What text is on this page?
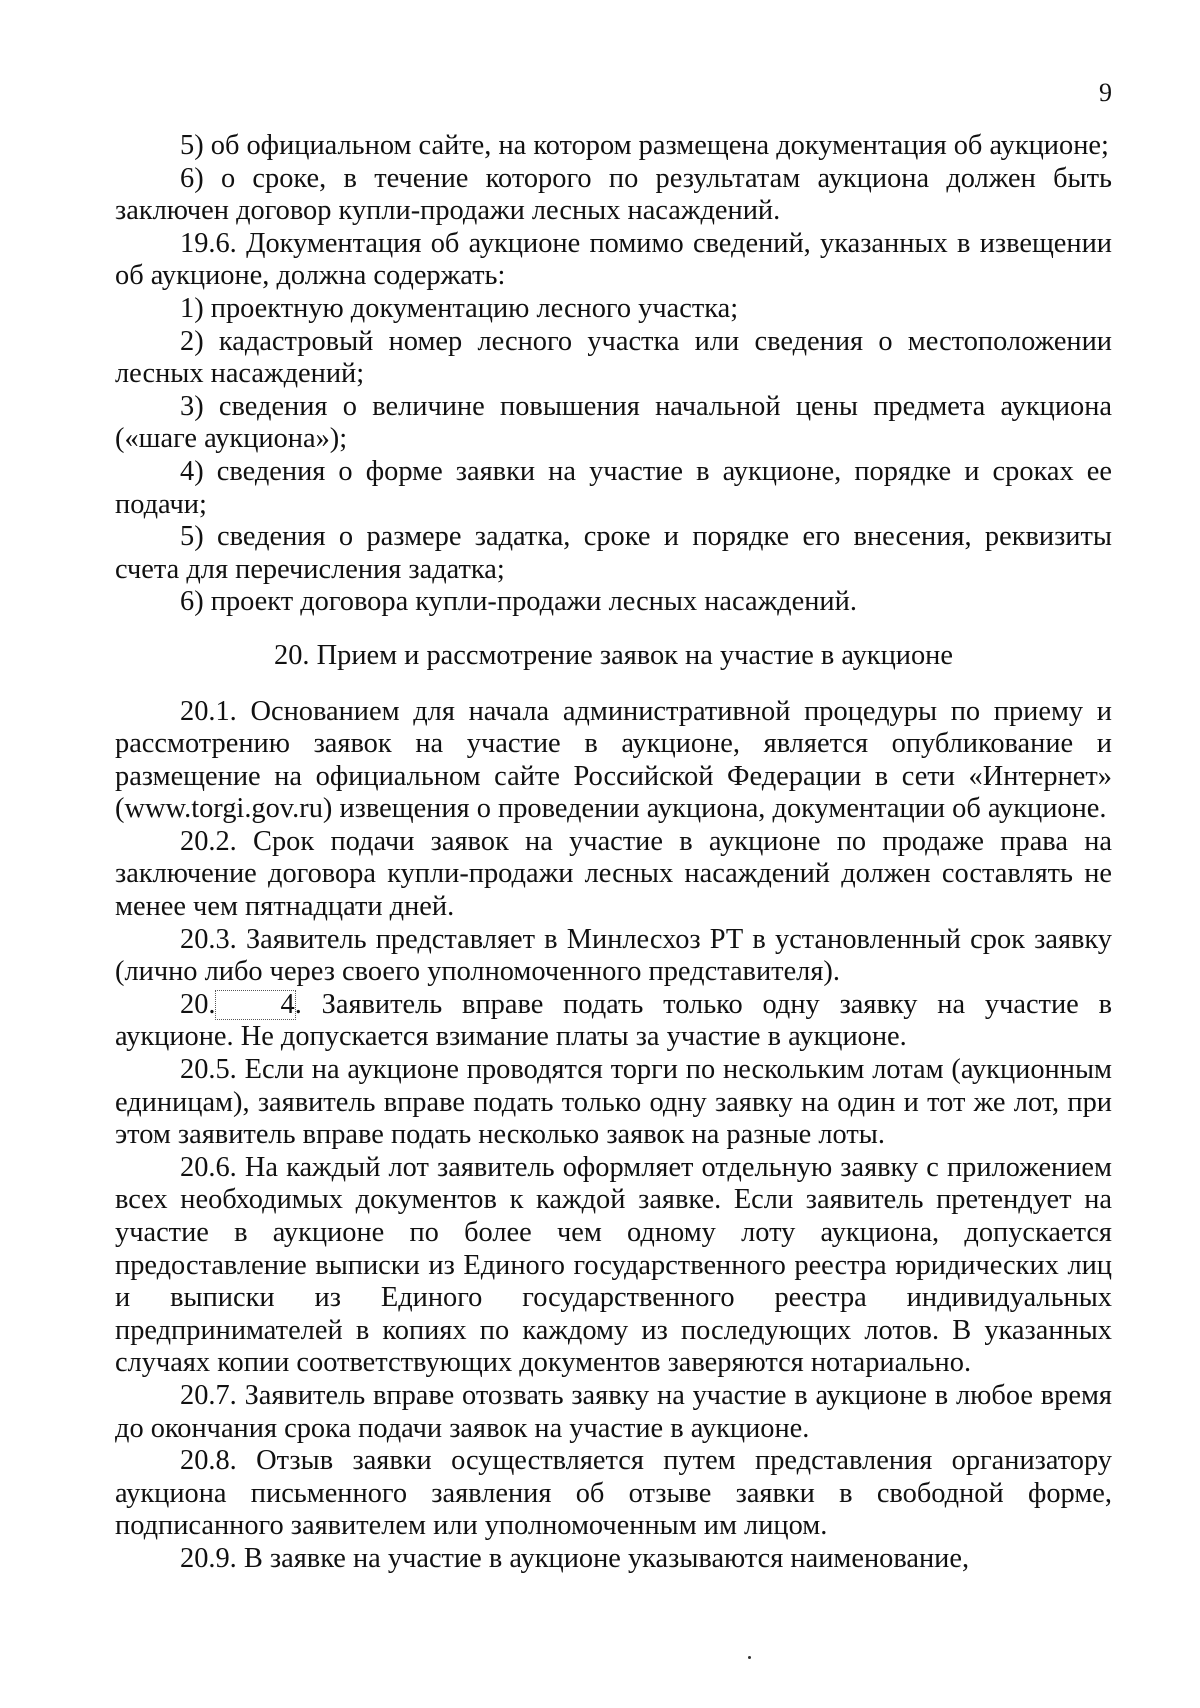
9

5) об официальном сайте, на котором размещена документация об аукционе;

6) о сроке, в течение которого по результатам аукциона должен быть заключен договор купли-продажи лесных насаждений.

19.6. Документация об аукционе помимо сведений, указанных в извещении об аукционе, должна содержать:

1) проектную документацию лесного участка;

2) кадастровый номер лесного участка или сведения о местоположении лесных насаждений;

3) сведения о величине повышения начальной цены предмета аукциона («шаге аукциона»);

4) сведения о форме заявки на участие в аукционе, порядке и сроках ее подачи;

5) сведения о размере задатка, сроке и порядке его внесения, реквизиты счета для перечисления задатка;

6) проект договора купли-продажи лесных насаждений.

20. Прием и рассмотрение заявок на участие в аукционе

20.1. Основанием для начала административной процедуры по приему и рассмотрению заявок на участие в аукционе, является опубликование и размещение на официальном сайте Российской Федерации в сети «Интернет» (www.torgi.gov.ru) извещения о проведении аукциона, документации об аукционе.

20.2. Срок подачи заявок на участие в аукционе по продаже права на заключение договора купли-продажи лесных насаждений должен составлять не менее чем пятнадцати дней.

20.3. Заявитель представляет в Минлесхоз РТ в установленный срок заявку (лично либо через своего уполномоченного представителя).

20. 4. Заявитель вправе подать только одну заявку на участие в аукционе. Не допускается взимание платы за участие в аукционе.

20.5. Если на аукционе проводятся торги по нескольким лотам (аукционным единицам), заявитель вправе подать только одну заявку на один и тот же лот, при этом заявитель вправе подать несколько заявок на разные лоты.

20.6. На каждый лот заявитель оформляет отдельную заявку с приложением всех необходимых документов к каждой заявке. Если заявитель претендует на участие в аукционе по более чем одному лоту аукциона, допускается предоставление выписки из Единого государственного реестра юридических лиц и выписки из Единого государственного реестра индивидуальных предпринимателей в копиях по каждому из последующих лотов. В указанных случаях копии соответствующих документов заверяются нотариально.

20.7. Заявитель вправе отозвать заявку на участие в аукционе в любое время до окончания срока подачи заявок на участие в аукционе.

20.8. Отзыв заявки осуществляется путем представления организатору аукциона письменного заявления об отзыве заявки в свободной форме, подписанного заявителем или уполномоченным им лицом.

20.9. В заявке на участие в аукционе указываются наименование,
